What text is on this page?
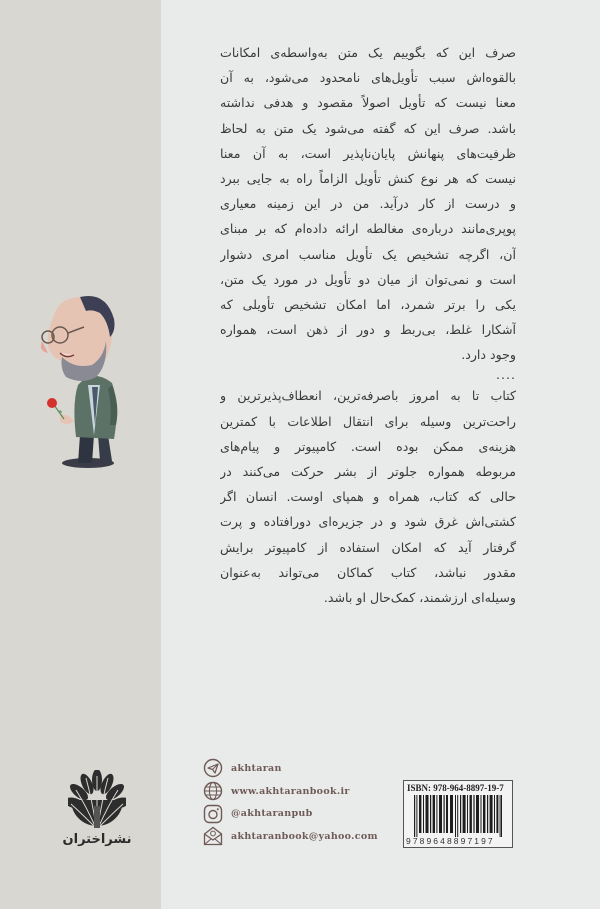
صرف این که بگوییم یک متن به‌واسطه‌ی امکانات
بالقوه‌اش سبب تأویل‌های نامحدود می‌شود، به آن
معنا نیست که تأویل اصولاً مقصود و هدفی نداشته
باشد. صرف این که گفته می‌شود یک متن به لحاظ
ظرفیت‌های پنهانش پایان‌ناپذیر است، به آن معنا
نیست که هر نوع کنش تأویل الزاماً راه به جایی ببرد
و درست از کار درآید. من در این زمینه معیاری
پوپری‌مانند درباره‌ی مغالطه ارائه داده‌ام که بر مبنای
آن، اگرچه تشخیص یک تأویل مناسب امری دشوار
است و نمی‌توان از میان دو تأویل در مورد یک متن،
یکی را برتر شمرد، اما امکان تشخیص تأویلی که
آشکارا غلط، بی‌ربط و دور از ذهن است، همواره
وجود دارد.
....
کتاب تا به امروز باصرفه‌ترین، انعطاف‌پذیرترین و
راحت‌ترین وسیله برای انتقال اطلاعات با کمترین
هزینه‌ی ممکن بوده است. کامپیوتر و پیام‌های
مربوطه همواره جلوتر از بشر حرکت می‌کنند در
حالی که کتاب، همراه و همپای اوست. انسان اگر
کشتی‌اش غرق شود و در جزیره‌ای دورافتاده و پرت
گرفتار آید که امکان استفاده از کامپیوتر برایش
مقدور نباشد، کتاب کماکان می‌تواند به‌عنوان
وسیله‌ای ارزشمند، کمک‌حال او باشد.
نشراختران
akhtaran
www.akhtaranbook.ir
@akhtaranpub
akhtaranbook@yahoo.com
ISBN: 978-964-8897-19-7
9789648897197
